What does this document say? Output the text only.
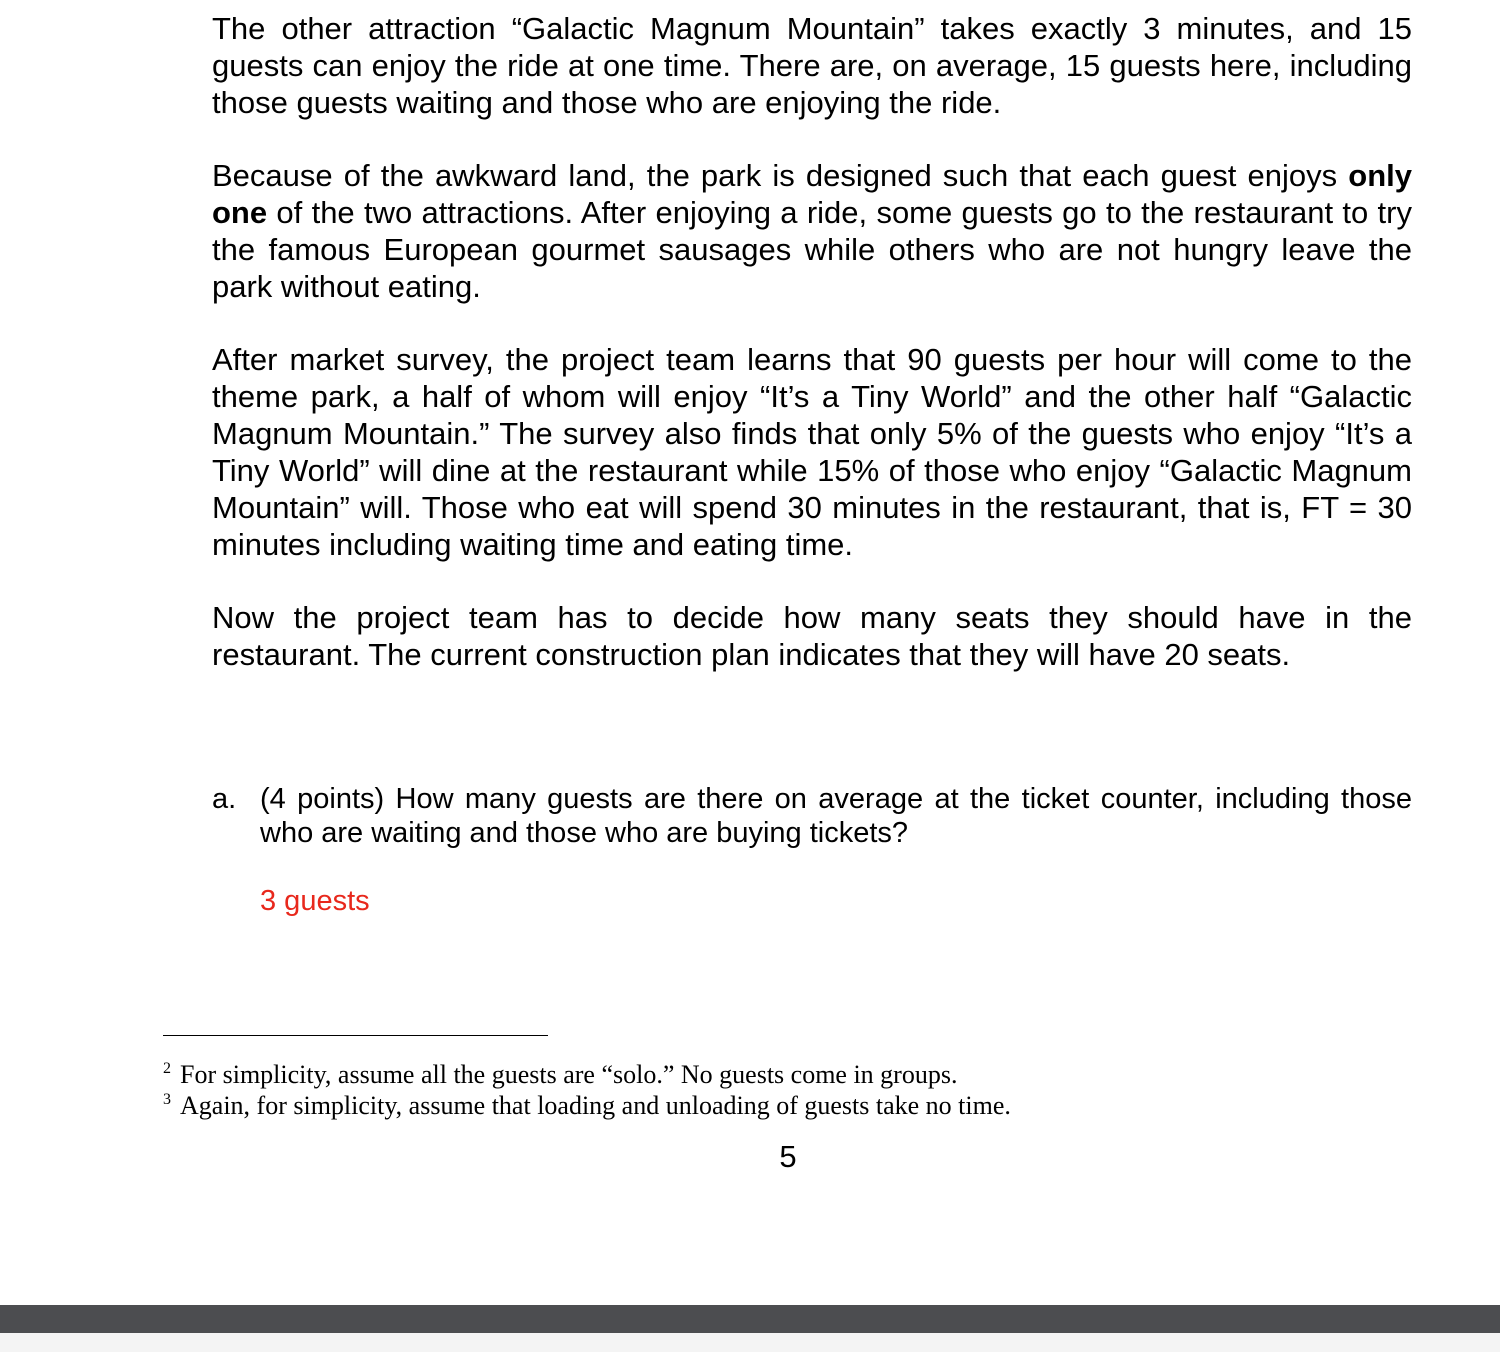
The other attraction “Galactic Magnum Mountain” takes exactly 3 minutes, and 15 guests can enjoy the ride at one time. There are, on average, 15 guests here, including those guests waiting and those who are enjoying the ride.

Because of the awkward land, the park is designed such that each guest enjoys only one of the two attractions. After enjoying a ride, some guests go to the restaurant to try the famous European gourmet sausages while others who are not hungry leave the park without eating.

After market survey, the project team learns that 90 guests per hour will come to the theme park, a half of whom will enjoy “It’s a Tiny World” and the other half “Galactic Magnum Mountain.” The survey also finds that only 5% of the guests who enjoy “It’s a Tiny World” will dine at the restaurant while 15% of those who enjoy “Galactic Magnum Mountain” will. Those who eat will spend 30 minutes in the restaurant, that is, FT = 30 minutes including waiting time and eating time.

Now the project team has to decide how many seats they should have in the restaurant. The current construction plan indicates that they will have 20 seats.

a. (4 points) How many guests are there on average at the ticket counter, including those who are waiting and those who are buying tickets?

3 guests
2 For simplicity, assume all the guests are “solo.” No guests come in groups.
3 Again, for simplicity, assume that loading and unloading of guests take no time.
5
